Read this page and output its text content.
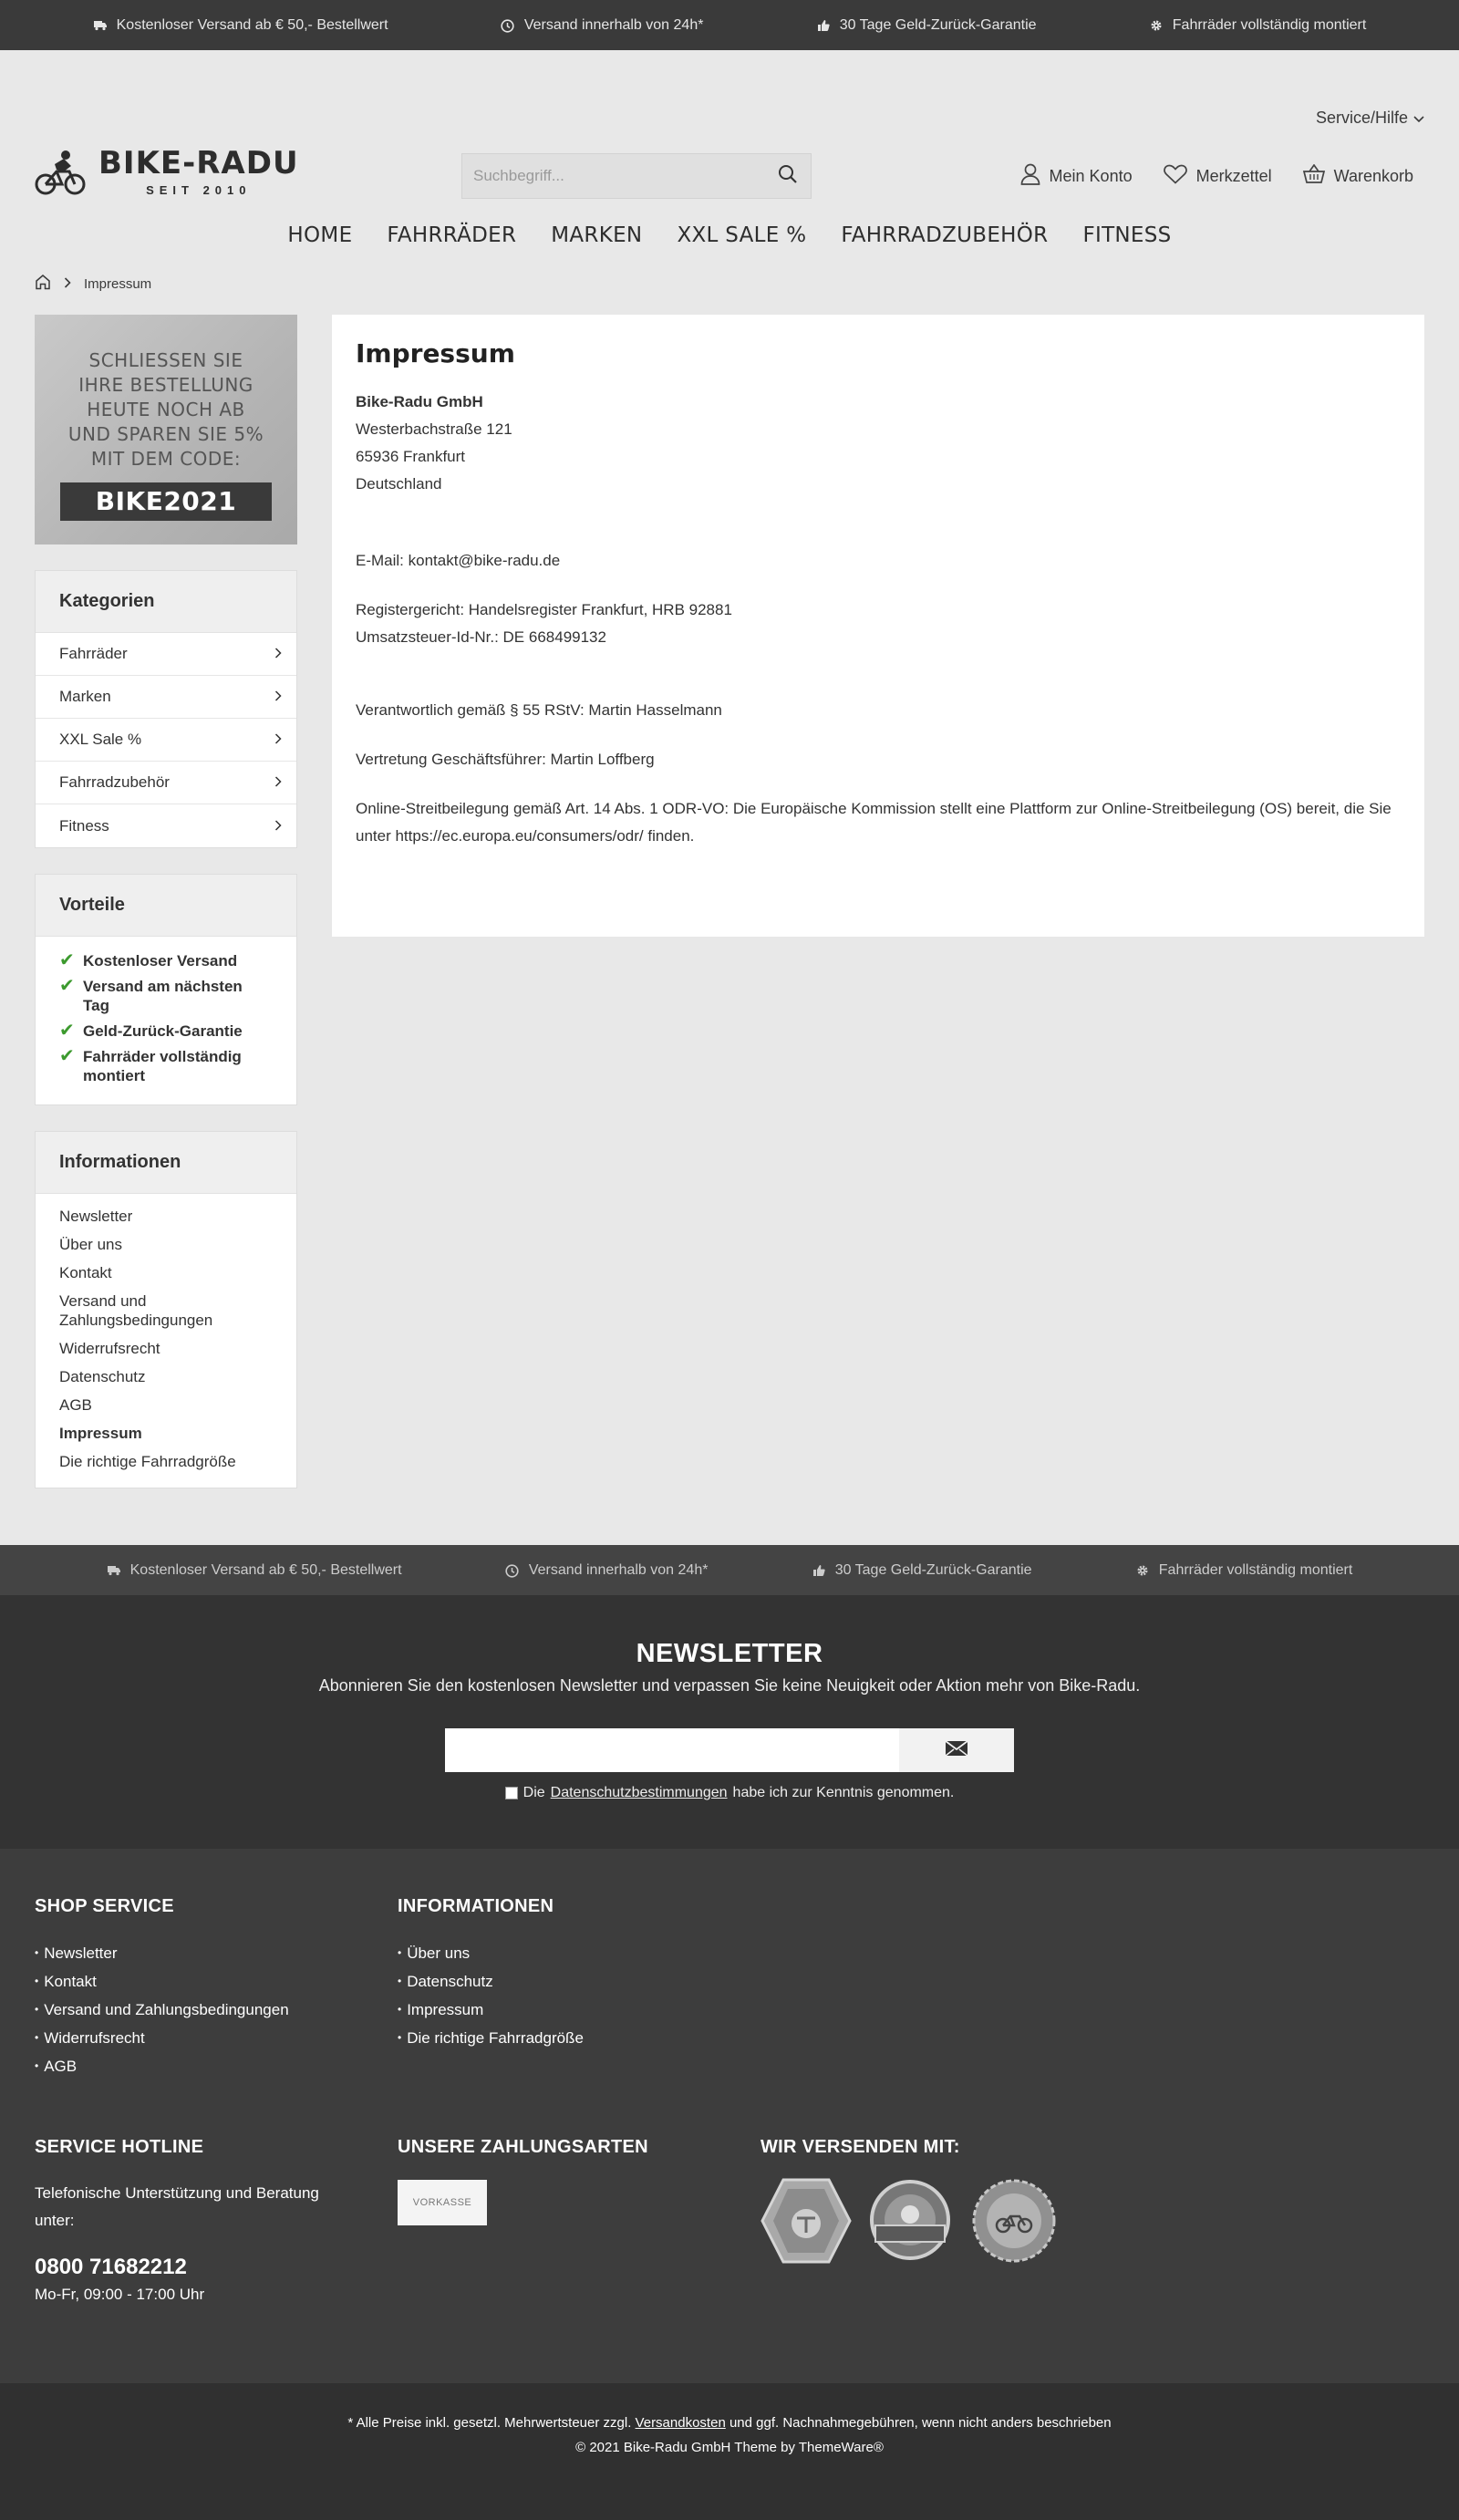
Kostenloser Versand ab € 50,- Bestellwert	Versand innerhalb von 24h*	30 Tage Geld-Zurück-Garantie	Fahrräder vollständig montiert
Service/Hilfe
BIKE-RADU
SEIT 2010
Suchbegriff...
Mein Konto	Merkzettel	Warenkorb
HOME FAHRRÄDER MARKEN XXL SALE % FAHRRADZUBEHÖR FITNESS
Impressum
SCHLIESSEN SIE
IHRE BESTELLUNG
HEUTE NOCH AB
UND SPAREN SIE 5%
MIT DEM CODE:
BIKE2021
Kategorien
Fahrräder
Marken
XXL Sale %
Fahrradzubehör
Fitness
Vorteile
✔ Kostenloser Versand
✔ Versand am nächsten Tag
✔ Geld-Zurück-Garantie
✔ Fahrräder vollständig montiert
Informationen
Newsletter
Über uns
Kontakt
Versand und Zahlungsbedingungen
Widerrufsrecht
Datenschutz
AGB
Impressum
Die richtige Fahrradgröße
Impressum

Bike-Radu GmbH

Westerbachstraße 121

65936 Frankfurt

Deutschland

E-Mail: kontakt@bike-radu.de

Registergericht: Handelsregister Frankfurt, HRB 92881

Umsatzsteuer-Id-Nr.: DE 668499132

Verantwortlich gemäß § 55 RStV: Martin Hasselmann

Vertretung Geschäftsführer: Martin Loffberg

Online-Streitbeilegung gemäß Art. 14 Abs. 1 ODR-VO: Die Europäische Kommission stellt eine Plattform zur Online-Streitbeilegung (OS) bereit, die Sie unter https://ec.europa.eu/consumers/odr/ finden.

Kostenloser Versand ab € 50,- Bestellwert	Versand innerhalb von 24h*	30 Tage Geld-Zurück-Garantie	Fahrräder vollständig montiert
NEWSLETTER
Abonnieren Sie den kostenlosen Newsletter und verpassen Sie keine Neuigkeit oder Aktion mehr von Bike-Radu.
Die Datenschutzbestimmungen habe ich zur Kenntnis genommen.
SHOP SERVICE
• Newsletter
• Kontakt
• Versand und Zahlungsbedingungen
• Widerrufsrecht
• AGB
INFORMATIONEN
• Über uns
• Datenschutz
• Impressum
• Die richtige Fahrradgröße
SERVICE HOTLINE
Telefonische Unterstützung und Beratung unter:
0800 71682212
Mo-Fr, 09:00 - 17:00 Uhr
UNSERE ZAHLUNGSARTEN
VORKASSE
WIR VERSENDEN MIT:
* Alle Preise inkl. gesetzl. Mehrwertsteuer zzgl. Versandkosten und ggf. Nachnahmegebühren, wenn nicht anders beschrieben
© 2021 Bike-Radu GmbH Theme by ThemeWare®
